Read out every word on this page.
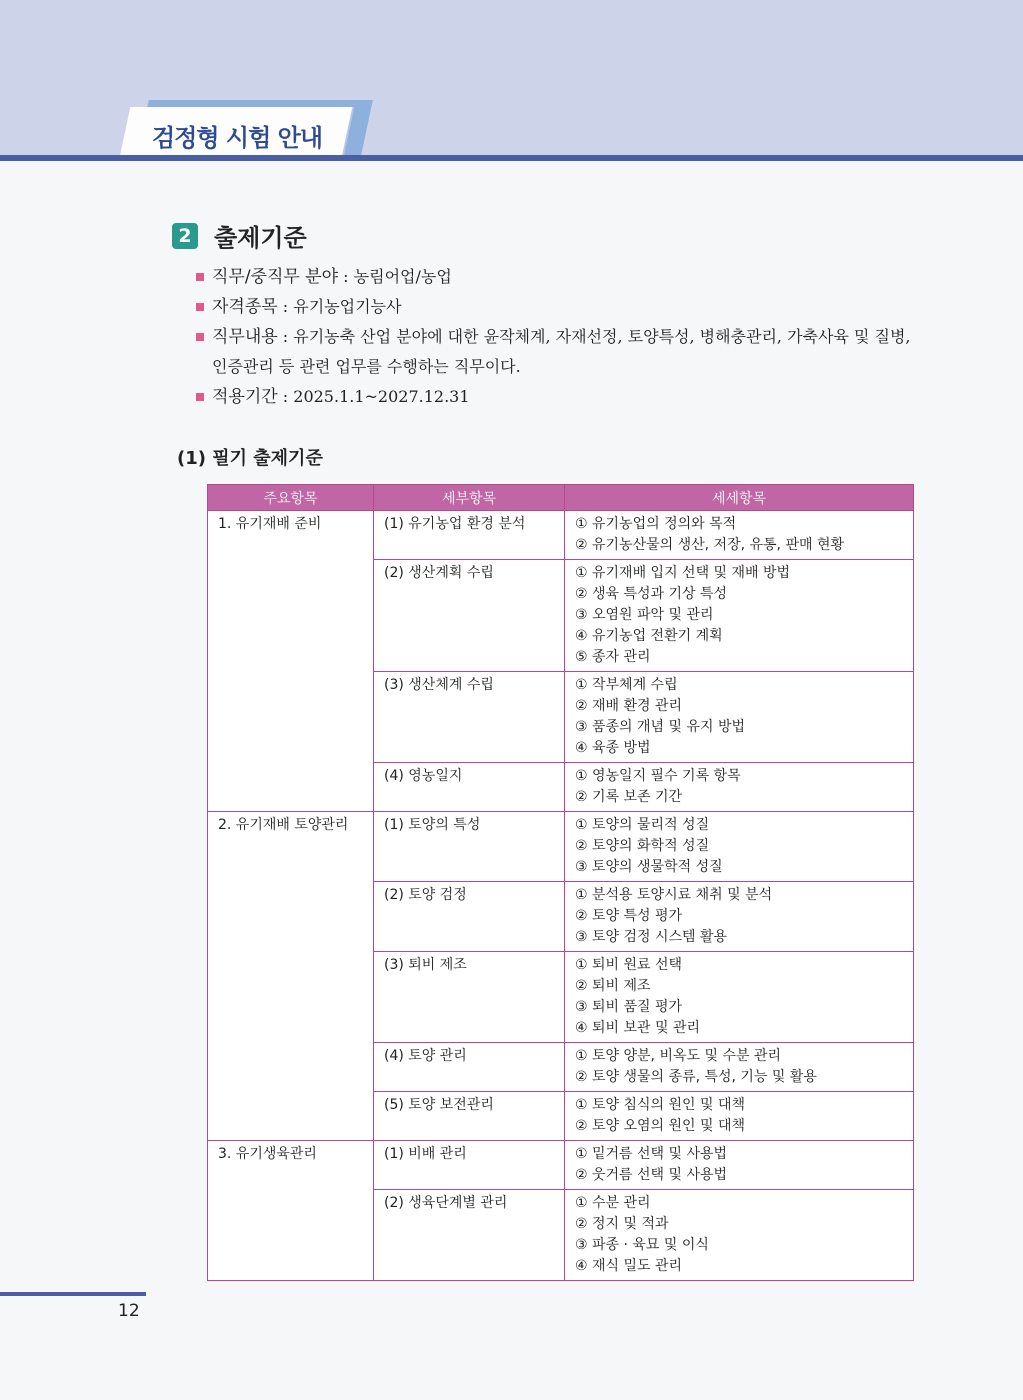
검정형 시험 안내
2 출제기준
직무/중직무 분야 : 농림어업/농업
자격종목 : 유기농업기능사
직무내용 : 유기농축 산업 분야에 대한 윤작체계, 자재선정, 토양특성, 병해충관리, 가축사육 및 질병, 인증관리 등 관련 업무를 수행하는 직무이다.
적용기간 : 2025.1.1~2027.12.31
(1) 필기 출제기준
주요항목	세부항목	세세항목
1. 유기재배 준비	(1) 유기농업 환경 분석	① 유기농업의 정의와 목적
② 유기농산물의 생산, 저장, 유통, 판매 현황

	(2) 생산계획 수립	① 유기재배 입지 선택 및 재배 방법
② 생육 특성과 기상 특성
③ 오염원 파악 및 관리
④ 유기농업 전환기 계획
⑤ 종자 관리

	(3) 생산체계 수립	① 작부체계 수립
② 재배 환경 관리
③ 품종의 개념 및 유지 방법
④ 육종 방법

	(4) 영농일지	① 영농일지 필수 기록 항목
② 기록 보존 기간

2. 유기재배 토양관리	(1) 토양의 특성	① 토양의 물리적 성질
② 토양의 화학적 성질
③ 토양의 생물학적 성질

	(2) 토양 검정	① 분석용 토양시료 채취 및 분석
② 토양 특성 평가
③ 토양 검정 시스템 활용

	(3) 퇴비 제조	① 퇴비 원료 선택
② 퇴비 제조
③ 퇴비 품질 평가
④ 퇴비 보관 및 관리

	(4) 토양 관리	① 토양 양분, 비옥도 및 수분 관리
② 토양 생물의 종류, 특성, 기능 및 활용

	(5) 토양 보전관리	① 토양 침식의 원인 및 대책
② 토양 오염의 원인 및 대책

3. 유기생육관리	(1) 비배 관리	① 밑거름 선택 및 사용법
② 웃거름 선택 및 사용법

	(2) 생육단계별 관리	① 수분 관리
② 정지 및 적과
③ 파종 · 육묘 및 이식
④ 재식 밀도 관리
12
